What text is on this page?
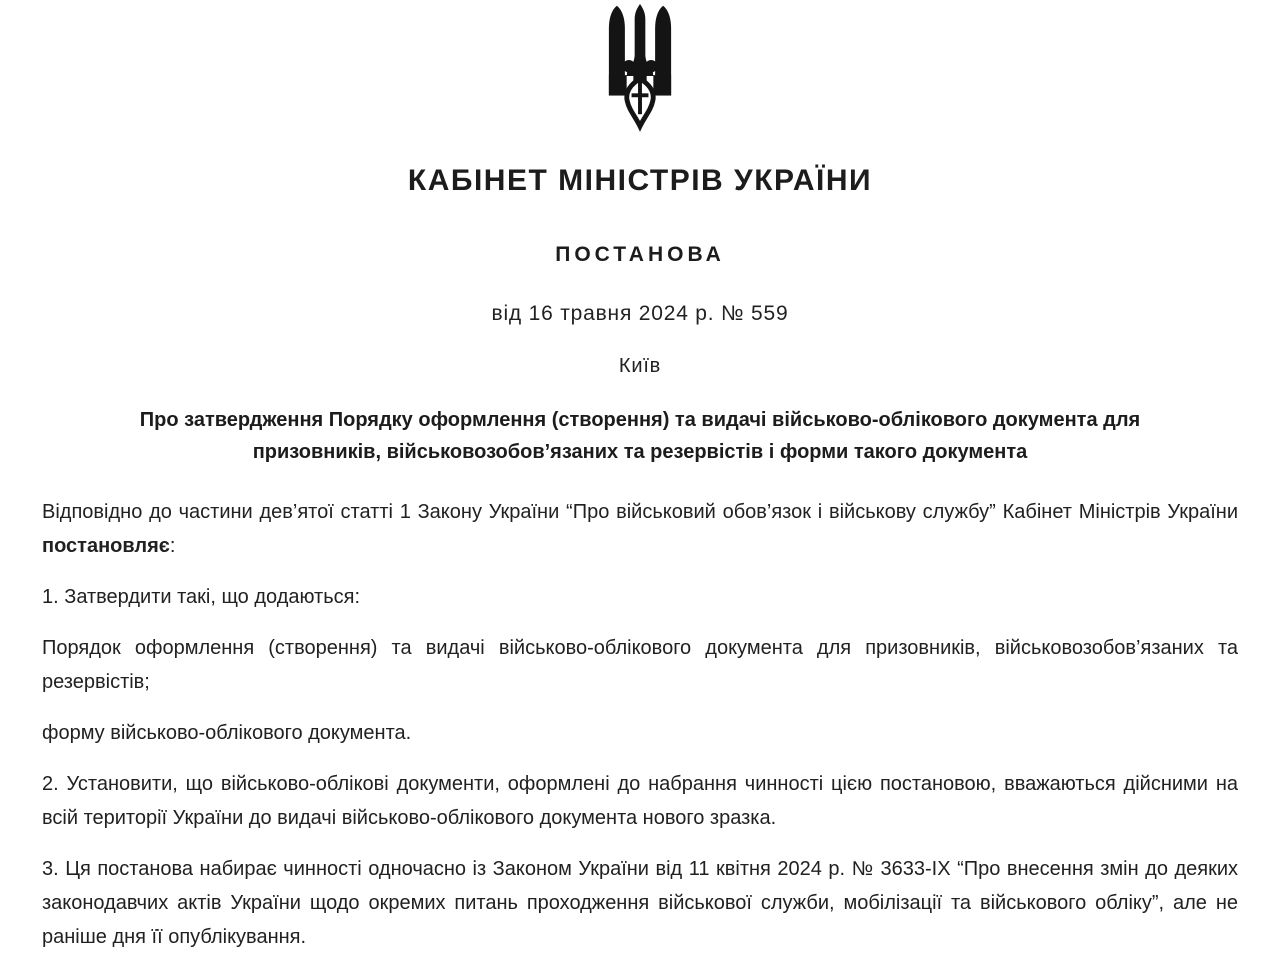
КАБІНЕТ МІНІСТРІВ УКРАЇНИ
ПОСТАНОВА
від 16 травня 2024 р. № 559
Київ
Про затвердження Порядку оформлення (створення) та видачі військово-облікового документа для призовників, військовозобов’язаних та резервістів і форми такого документа

Відповідно до частини дев’ятої статті 1 Закону України “Про військовий обов’язок і військову службу” Кабінет Міністрів України постановляє:

1. Затвердити такі, що додаються:

Порядок оформлення (створення) та видачі військово-облікового документа для призовників, військовозобов’язаних та резервістів;

форму військово-облікового документа.

2. Установити, що військово-облікові документи, оформлені до набрання чинності цією постановою, вважаються дійсними на всій території України до видачі військово-облікового документа нового зразка.

3. Ця постанова набирає чинності одночасно із Законом України від 11 квітня 2024 р. № 3633-IX “Про внесення змін до деяких законодавчих актів України щодо окремих питань проходження військової служби, мобілізації та військового обліку”, але не раніше дня її опублікування.
